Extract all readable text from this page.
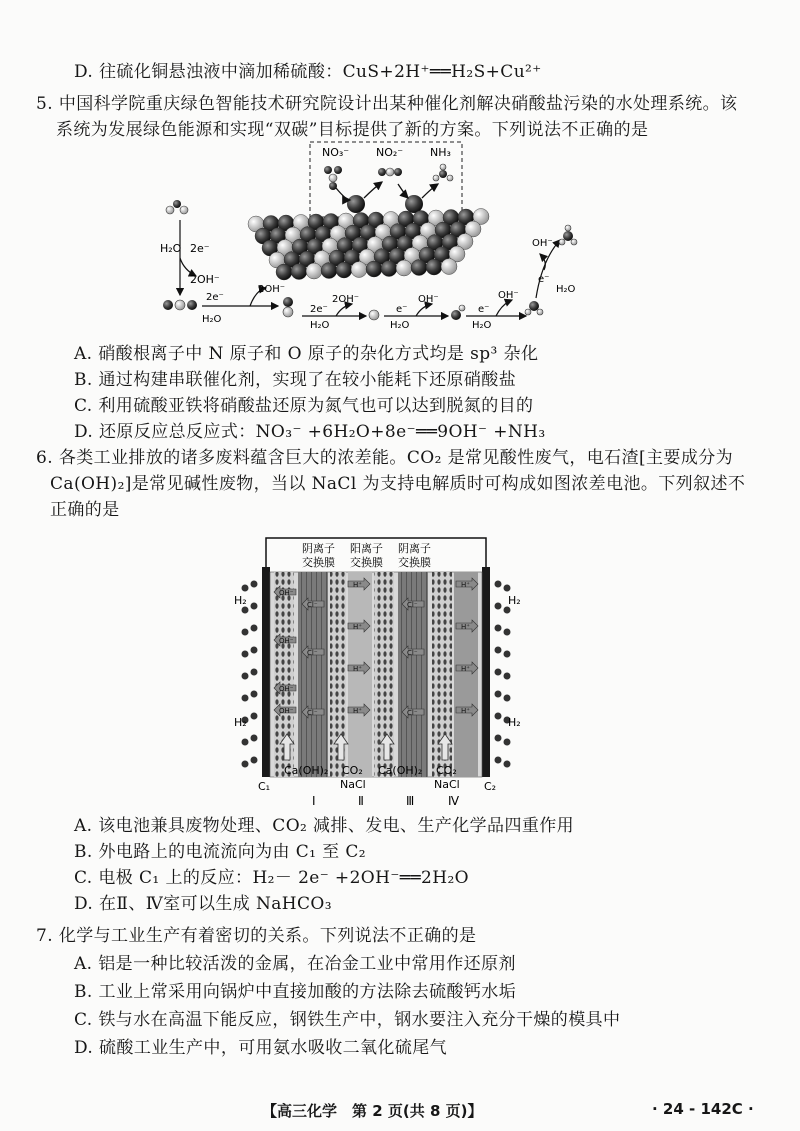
D. 往硫化铜悬浊液中滴加稀硫酸：CuS+2H⁺══H₂S+Cu²⁺
5. 中国科学院重庆绿色智能技术研究院设计出某种催化剂解决硝酸盐污染的水处理系统。该
系统为发展绿色能源和实现“双碳”目标提供了新的方案。下列说法不正确的是
NO₃⁻ NO₂⁻ NH₃
H₂O 2e⁻
2OH⁻
2e⁻
H₂O
2OH⁻
2e⁻
H₂O
2OH⁻
e⁻
H₂O
OH⁻
e⁻
H₂O
OH⁻
e⁻
H₂O
OH⁻
A. 硝酸根离子中 N 原子和 O 原子的杂化方式均是 sp³ 杂化
B. 通过构建串联催化剂，实现了在较小能耗下还原硝酸盐
C. 利用硫酸亚铁将硝酸盐还原为氮气也可以达到脱氮的目的
D. 还原反应总反应式：NO₃⁻ +6H₂O+8e⁻══9OH⁻ +NH₃
6. 各类工业排放的诸多废料蕴含巨大的浓差能。CO₂ 是常见酸性废气，电石渣[主要成分为
Ca(OH)₂]是常见碱性废物，当以 NaCl 为支持电解质时可构成如图浓差电池。下列叙述不
正确的是
阴离子
交换膜
阳离子
交换膜
阴离子
交换膜
H₂
H₂
H₂
H₂
OH⁻
OH⁻
OH⁻
OH⁻
Cl⁻
Cl⁻
Cl⁻
H⁺
H⁺
H⁺
H⁺
Cl⁻
Cl⁻
Cl⁻
H⁺
H⁺
H⁺
H⁺
Ca(OH)₂ CO₂
NaCl
Ca(OH)₂ CO₂
NaCl
C₁	C₂
Ⅰ	Ⅱ	Ⅲ	Ⅳ
A. 该电池兼具废物处理、CO₂ 减排、发电、生产化学品四重作用
B. 外电路上的电流流向为由 C₁ 至 C₂
C. 电极 C₁ 上的反应：H₂－ 2e⁻ +2OH⁻══2H₂O
D. 在Ⅱ、Ⅳ室可以生成 NaHCO₃
7. 化学与工业生产有着密切的关系。下列说法不正确的是
A. 铝是一种比较活泼的金属，在冶金工业中常用作还原剂
B. 工业上常采用向锅炉中直接加酸的方法除去硫酸钙水垢
C. 铁与水在高温下能反应，钢铁生产中，钢水要注入充分干燥的模具中
D. 硫酸工业生产中，可用氨水吸收二氧化硫尾气
【高三化学　第 2 页(共 8 页)】	· 24 - 142C ·
